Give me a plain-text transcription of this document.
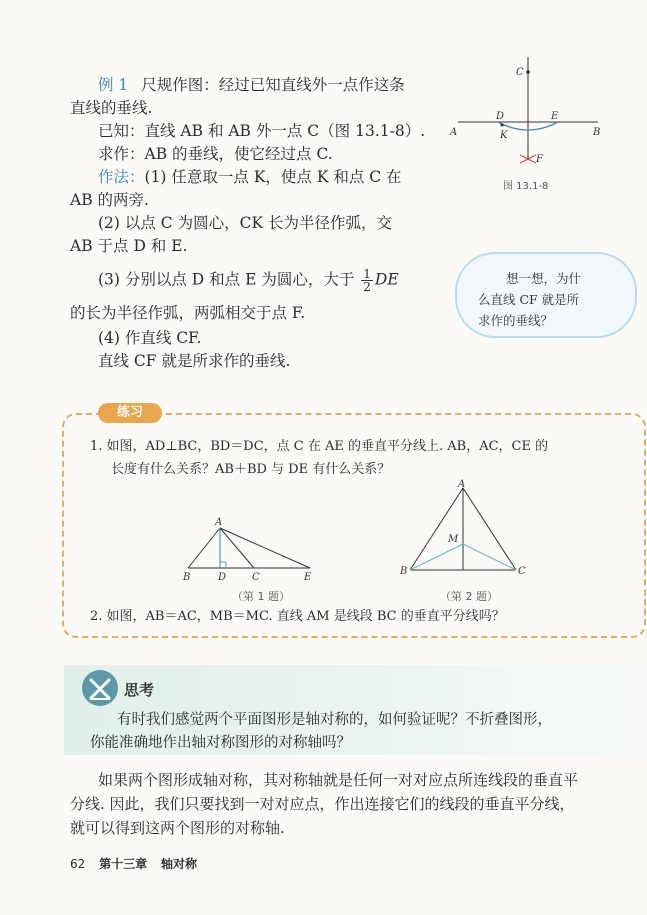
例 1 尺规作图：经过已知直线外一点作这条
直线的垂线.
已知：直线 AB 和 AB 外一点 C（图 13.1-8）.
求作：AB 的垂线，使它经过点 C.
作法：(1) 任意取一点 K，使点 K 和点 C 在
AB 的两旁.
(2) 以点 C 为圆心，CK 长为半径作弧，交
AB 于点 D 和 E.
(3) 分别以点 D 和点 E 为圆心，大于 $\frac{1}{2}$ DE
的长为半径作弧，两弧相交于点 F.
(4) 作直线 CF.
直线 CF 就是所求作的垂线.
A	B
C
D	E
K
F
图 13.1-8
想一想，为什
么直线 CF 就是所
求作的垂线？
练习
1. 如图，AD⊥BC，BD＝DC，点 C 在 AE 的垂直平分线上. AB，AC，CE 的
长度有什么关系？AB＋BD 与 DE 有什么关系？
A
B	D	C	E
（第 1 题）
A
M
B	C
（第 2 题）
2. 如图，AB＝AC，MB＝MC. 直线 AM 是线段 BC 的垂直平分线吗？
思考
有时我们感觉两个平面图形是轴对称的，如何验证呢？不折叠图形，
你能准确地作出轴对称图形的对称轴吗？
如果两个图形成轴对称，其对称轴就是任何一对对应点所连线段的垂直平
分线. 因此，我们只要找到一对对应点，作出连接它们的线段的垂直平分线，
就可以得到这两个图形的对称轴.
62 第十三章 轴对称
